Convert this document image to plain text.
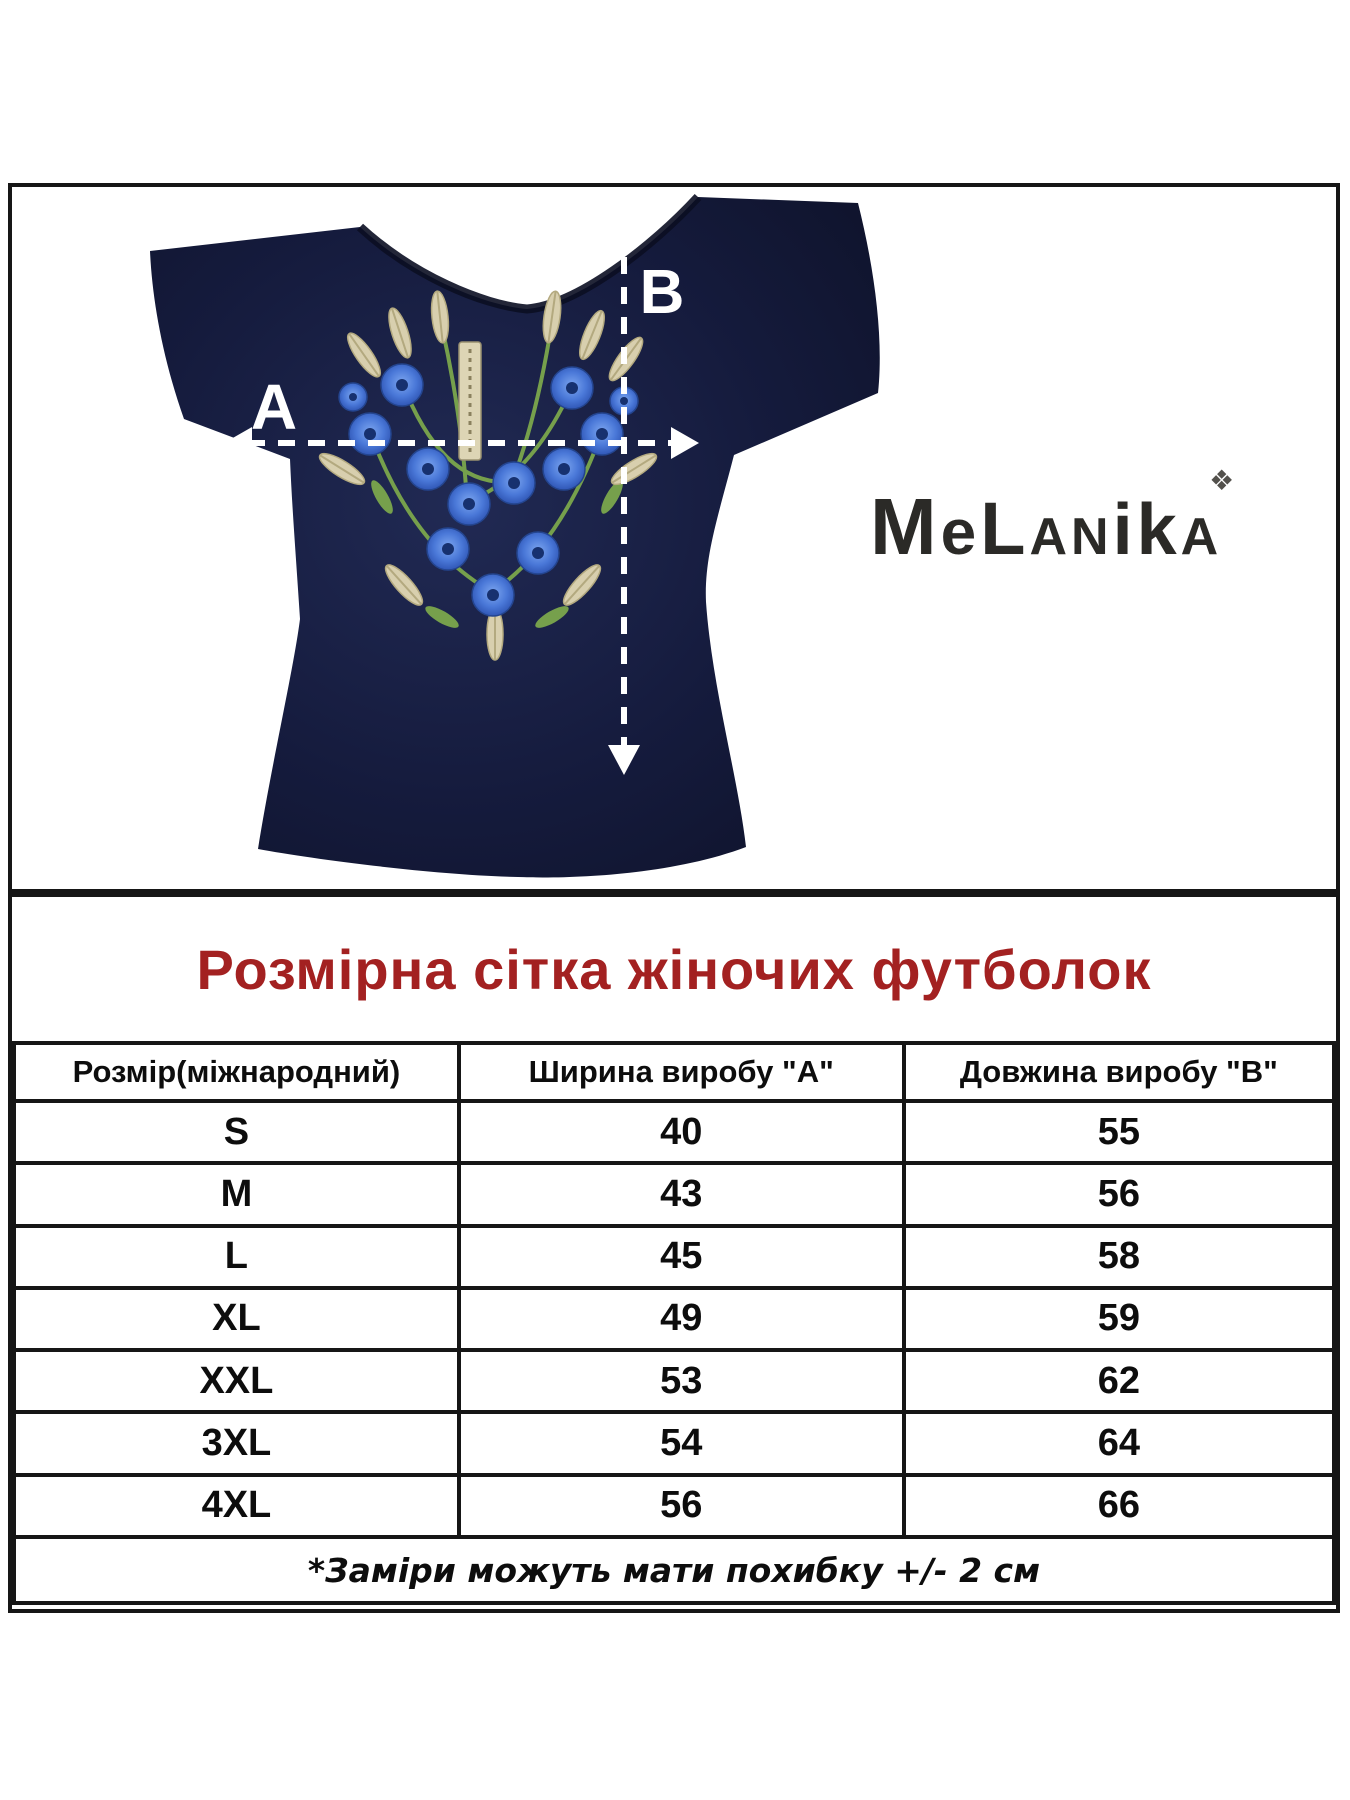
A
B
M e L A N i k A
❖
Розмірна сітка жіночих футболок
Розмір(міжнародний)	Ширина виробу "А"	Довжина виробу "В"
S	40	55
M	43	56
L	45	58
XL	49	59
XXL	53	62
3XL	54	64
4XL	56	66
*Заміри можуть мати похибку +/- 2 см		
